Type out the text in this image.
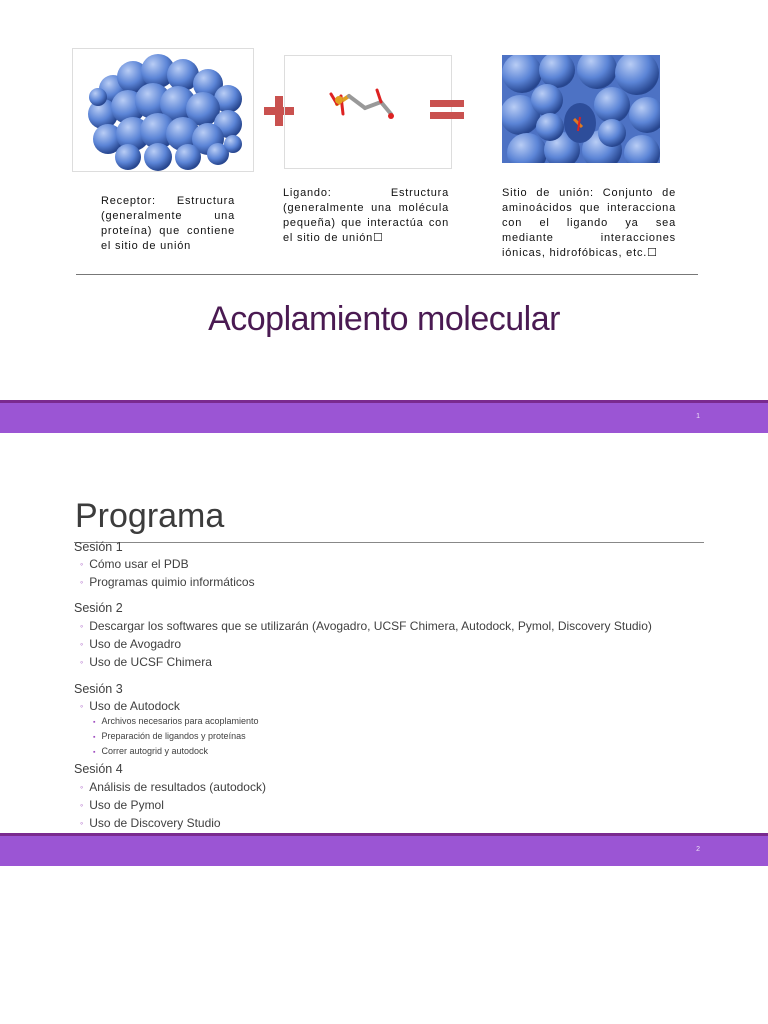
Receptor: Estructura (generalmente una proteína) que contiene el sitio de unión
Ligando: Estructura (generalmente una molécula pequeña) que interactúa con el sitio de unión☐
Sitio de unión: Conjunto de aminoácidos que interacciona con el ligando ya sea mediante interacciones iónicas, hidrofóbicas, etc.☐
Acoplamiento molecular
1
Programa
Sesión 1
◦ Cómo usar el PDB
◦ Programas quimio informáticos
Sesión 2
◦ Descargar los softwares que se utilizarán (Avogadro, UCSF Chimera, Autodock, Pymol, Discovery Studio)
◦ Uso de Avogadro
◦ Uso de UCSF Chimera
Sesión 3
◦ Uso de Autodock
▪ Archivos necesarios para acoplamiento
▪ Preparación de ligandos y proteínas
▪ Correr autogrid y autodock
Sesión 4
◦ Análisis de resultados (autodock)
◦ Uso de Pymol
◦ Uso de Discovery Studio
2
